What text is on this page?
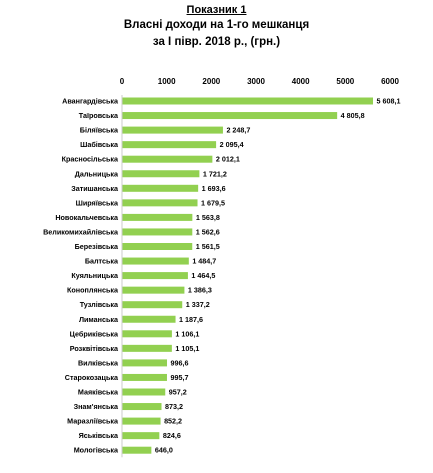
Показник 1
Власні доходи на 1-го мешканця
за І півр. 2018 р., (грн.)
0	1000	2000	3000	4000	5000	6000
Авангардівська	5 608,1
Таїровська	4 805,8
Біляївська	2 248,7
Шабівська	2 095,4
Красносільська	2 012,1
Дальницька	1 721,2
Затишанська	1 693,6
Ширяївська	1 679,5
Новокальчевська	1 563,8
Великомихайлівська	1 562,6
Березівська	1 561,5
Балтська	1 484,7
Куяльницька	1 464,5
Коноплянська	1 386,3
Тузлівська	1 337,2
Лиманська	1 187,6
Цебриківська	1 106,1
Розквітівська	1 105,1
Вилківська	996,6
Старокозацька	995,7
Маяківська	957,2
Знам'янська	873,2
Маразліївська	852,2
Яськівська	824,6
Мологівська	646,0
